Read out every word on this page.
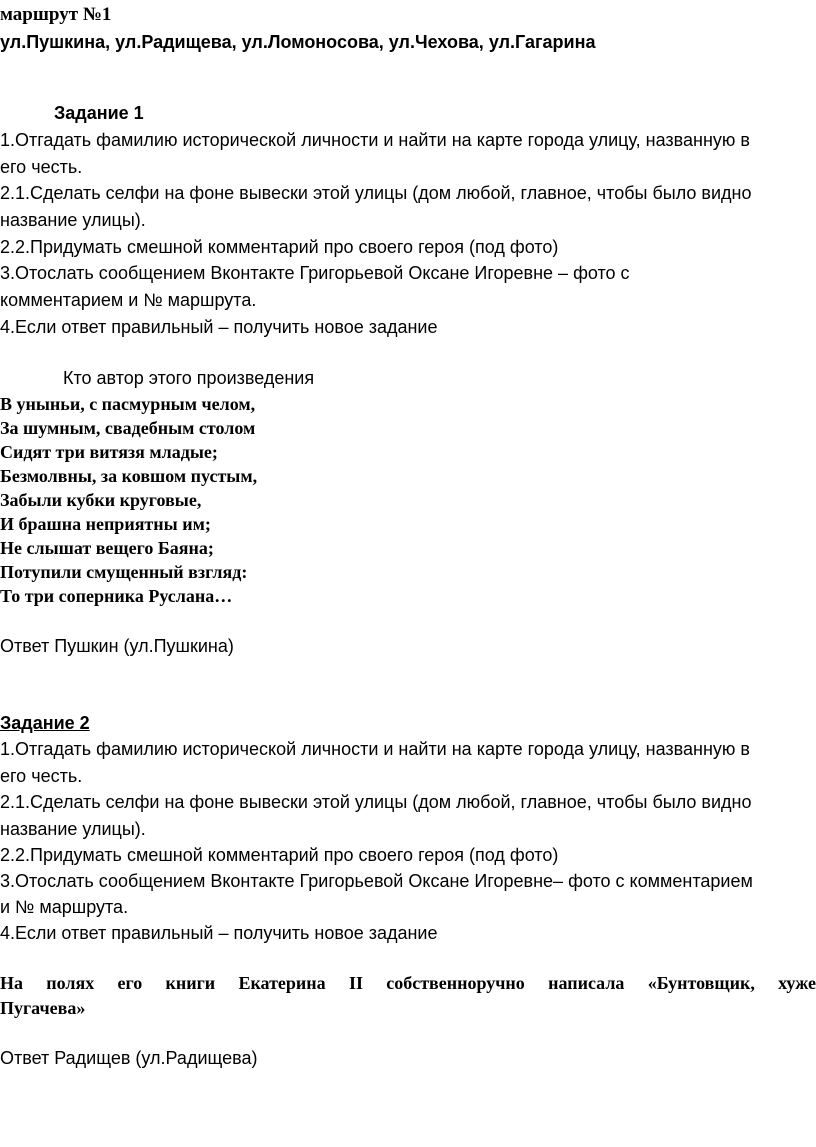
маршрут №1
ул.Пушкина, ул.Радищева, ул.Ломоносова, ул.Чехова, ул.Гагарина
Задание 1
1.Отгадать фамилию исторической личности и найти на карте города улицу, названную в
его честь.
2.1.Сделать селфи на фоне вывески этой улицы (дом любой, главное, чтобы было видно
название улицы).
2.2.Придумать смешной комментарий про своего героя (под фото)
3.Отослать сообщением Вконтакте Григорьевой Оксане Игоревне – фото с
комментарием и № маршрута.
4.Если ответ правильный – получить новое задание
Кто автор этого произведения
В уныньи, с пасмурным челом,
За шумным, свадебным столом
Сидят три витязя младые;
Безмолвны, за ковшом пустым,
Забыли кубки круговые,
И брашна неприятны им;
Не слышат вещего Баяна;
Потупили смущенный взгляд:
То три соперника Руслана…
Ответ Пушкин (ул.Пушкина)
Задание 2
1.Отгадать фамилию исторической личности и найти на карте города улицу, названную в
его честь.
2.1.Сделать селфи на фоне вывески этой улицы (дом любой, главное, чтобы было видно
название улицы).
2.2.Придумать смешной комментарий про своего героя (под фото)
3.Отослать сообщением Вконтакте Григорьевой Оксане Игоревне– фото с комментарием
и № маршрута.
4.Если ответ правильный – получить новое задание
На полях его книги Екатерина II собственноручно написала «Бунтовщик, хуже
Пугачева»
Ответ Радищев (ул.Радищева)
